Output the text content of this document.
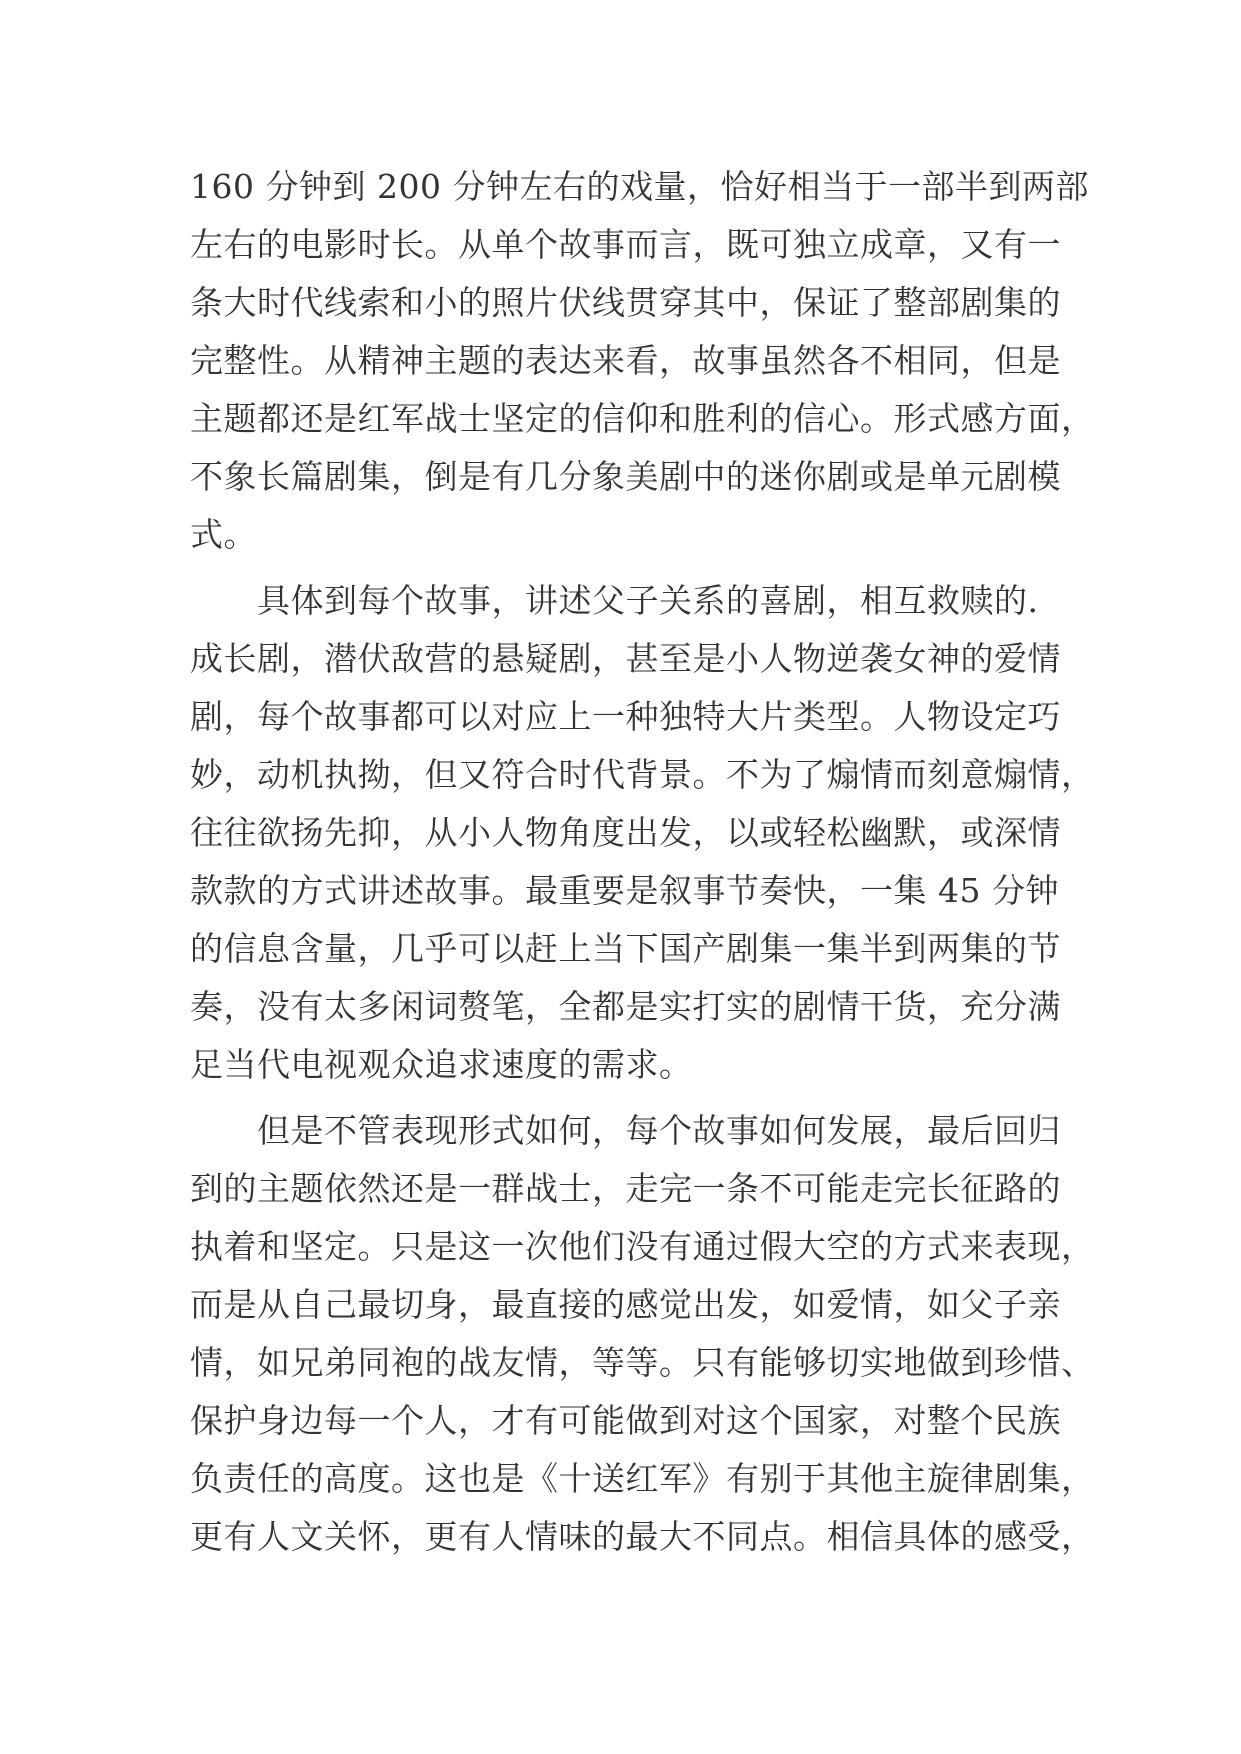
160 分钟到 200 分钟左右的戏量，恰好相当于一部半到两部
左右的电影时长。从单个故事而言，既可独立成章，又有一
条大时代线索和小的照片伏线贯穿其中，保证了整部剧集的
完整性。从精神主题的表达来看，故事虽然各不相同，但是
主题都还是红军战士坚定的信仰和胜利的信心。形式感方面，
不象长篇剧集，倒是有几分象美剧中的迷你剧或是单元剧模
式。
　　具体到每个故事，讲述父子关系的喜剧，相互救赎的.
成长剧，潜伏敌营的悬疑剧，甚至是小人物逆袭女神的爱情
剧，每个故事都可以对应上一种独特大片类型。人物设定巧
妙，动机执拗，但又符合时代背景。不为了煽情而刻意煽情，
往往欲扬先抑，从小人物角度出发，以或轻松幽默，或深情
款款的方式讲述故事。最重要是叙事节奏快，一集 45 分钟
的信息含量，几乎可以赶上当下国产剧集一集半到两集的节
奏，没有太多闲词赘笔，全都是实打实的剧情干货，充分满
足当代电视观众追求速度的需求。
　　但是不管表现形式如何，每个故事如何发展，最后回归
到的主题依然还是一群战士，走完一条不可能走完长征路的
执着和坚定。只是这一次他们没有通过假大空的方式来表现，
而是从自己最切身，最直接的感觉出发，如爱情，如父子亲
情，如兄弟同袍的战友情，等等。只有能够切实地做到珍惜、
保护身边每一个人，才有可能做到对这个国家，对整个民族
负责任的高度。这也是《十送红军》有别于其他主旋律剧集，
更有人文关怀，更有人情味的最大不同点。相信具体的感受，
